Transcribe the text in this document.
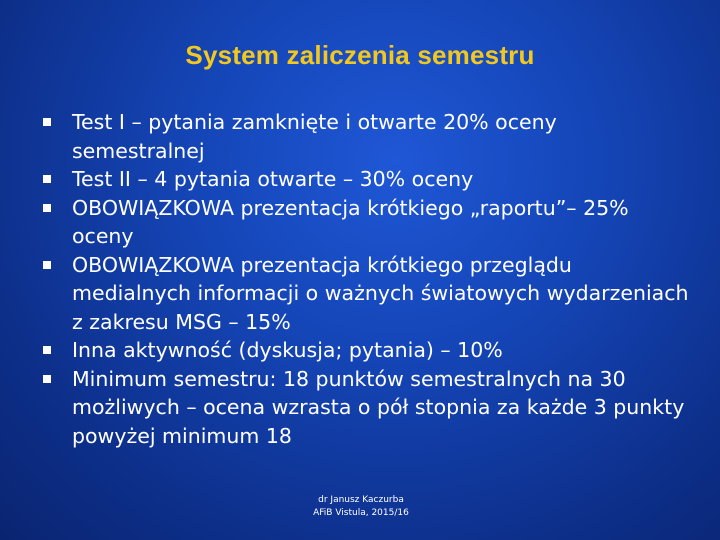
System zaliczenia semestru
Test I – pytania zamknięte i otwarte 20% oceny semestralnej
Test II – 4 pytania otwarte – 30% oceny
OBOWIĄZKOWA prezentacja krótkiego „raportu”– 25% oceny
OBOWIĄZKOWA prezentacja krótkiego przeglądu medialnych informacji o ważnych światowych wydarzeniach z zakresu MSG – 15%
Inna aktywność (dyskusja; pytania) – 10%
Minimum semestru: 18 punktów semestralnych na 30 możliwych – ocena wzrasta o pół stopnia za każde 3 punkty powyżej minimum 18
dr Janusz Kaczurba
AFiB Vistula, 2015/16
